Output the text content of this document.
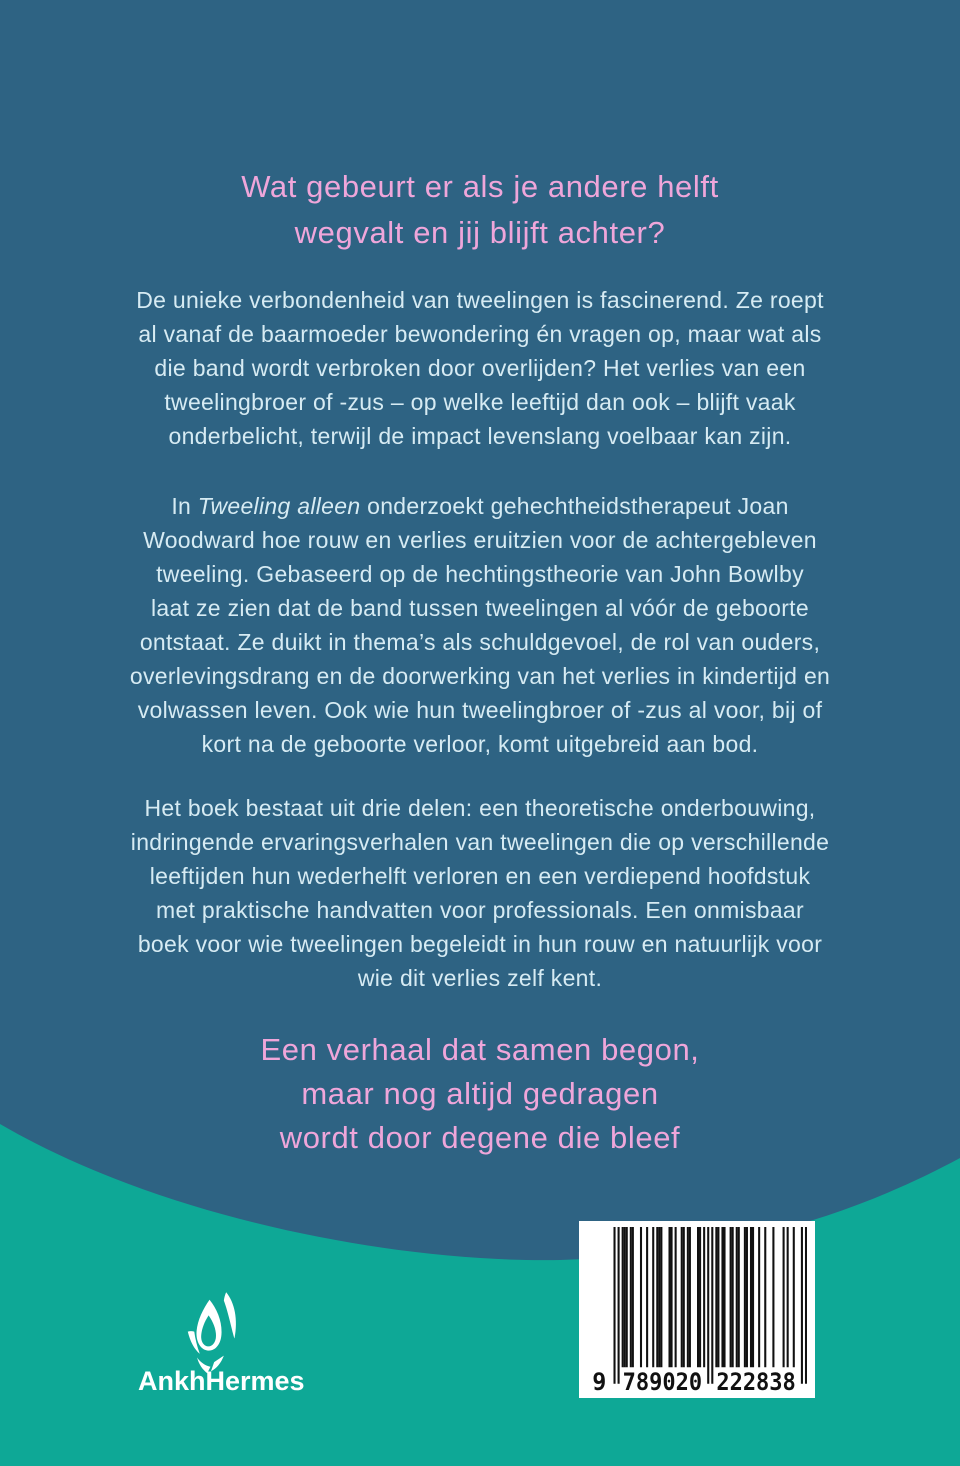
Wat gebeurt er als je andere helft
wegvalt en jij blijft achter?
De unieke verbondenheid van tweelingen is fascinerend. Ze roept
al vanaf de baarmoeder bewondering én vragen op, maar wat als
die band wordt verbroken door overlijden? Het verlies van een
tweelingbroer of -zus – op welke leeftijd dan ook – blijft vaak
onderbelicht, terwijl de impact levenslang voelbaar kan zijn.
In Tweeling alleen onderzoekt gehechtheidstherapeut Joan
Woodward hoe rouw en verlies eruitzien voor de achtergebleven
tweeling. Gebaseerd op de hechtingstheorie van John Bowlby
laat ze zien dat de band tussen tweelingen al vóór de geboorte
ontstaat. Ze duikt in thema’s als schuldgevoel, de rol van ouders,
overlevingsdrang en de doorwerking van het verlies in kindertijd en
volwassen leven. Ook wie hun tweelingbroer of -zus al voor, bij of
kort na de geboorte verloor, komt uitgebreid aan bod.
Het boek bestaat uit drie delen: een theoretische onderbouwing,
indringende ervaringsverhalen van tweelingen die op verschillende
leeftijden hun wederhelft verloren en een verdiepend hoofdstuk
met praktische handvatten voor professionals. Een onmisbaar
boek voor wie tweelingen begeleidt in hun rouw en natuurlijk voor
wie dit verlies zelf kent.
Een verhaal dat samen begon,
maar nog altijd gedragen
wordt door degene die bleef
AnkhHermes	9 789020 222838
